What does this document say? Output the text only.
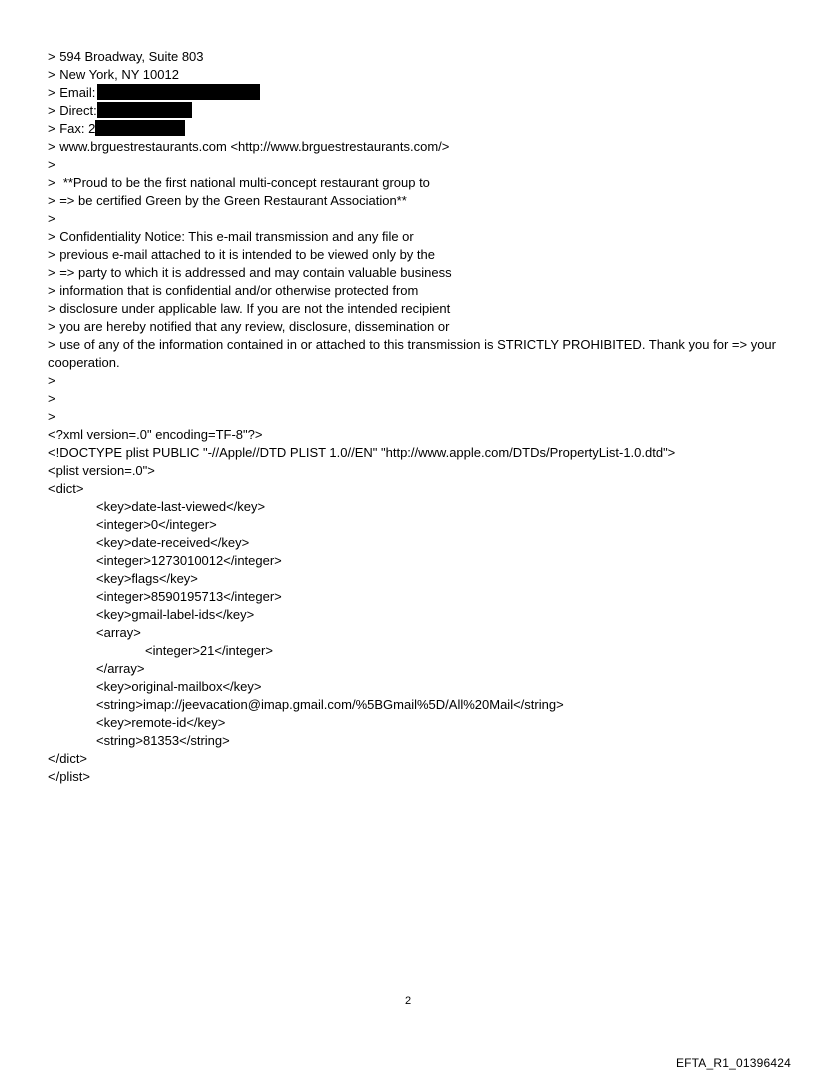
> 594 Broadway, Suite 803
> New York, NY 10012
> Email:
> Direct:
> Fax: 2
> www.brguestrestaurants.com <http://www.brguestrestaurants.com/>
>
>  **Proud to be the first national multi-concept restaurant group to
> => be certified Green by the Green Restaurant Association**
>
> Confidentiality Notice: This e-mail transmission and any file or
> previous e-mail attached to it is intended to be viewed only by the
> => party to which it is addressed and may contain valuable business
> information that is confidential and/or otherwise protected from
> disclosure under applicable law. If you are not the intended recipient
> you are hereby notified that any review, disclosure, dissemination or
> use of any of the information contained in or attached to this transmission is STRICTLY PROHIBITED. Thank you for => your cooperation.
>
>
>
<?xml version=.0" encoding=TF-8"?>
<!DOCTYPE plist PUBLIC "-//Apple//DTD PLIST 1.0//EN" "http://www.apple.com/DTDs/PropertyList-1.0.dtd">
<plist version=.0">
<dict>
<key>date-last-viewed</key>
<integer>0</integer>
<key>date-received</key>
<integer>1273010012</integer>
<key>flags</key>
<integer>8590195713</integer>
<key>gmail-label-ids</key>
<array>
<integer>21</integer>
</array>
<key>original-mailbox</key>
<string>imap://jeevacation@imap.gmail.com/%5BGmail%5D/All%20Mail</string>
<key>remote-id</key>
<string>81353</string>
</dict>
</plist>
2
EFTA_R1_01396424
